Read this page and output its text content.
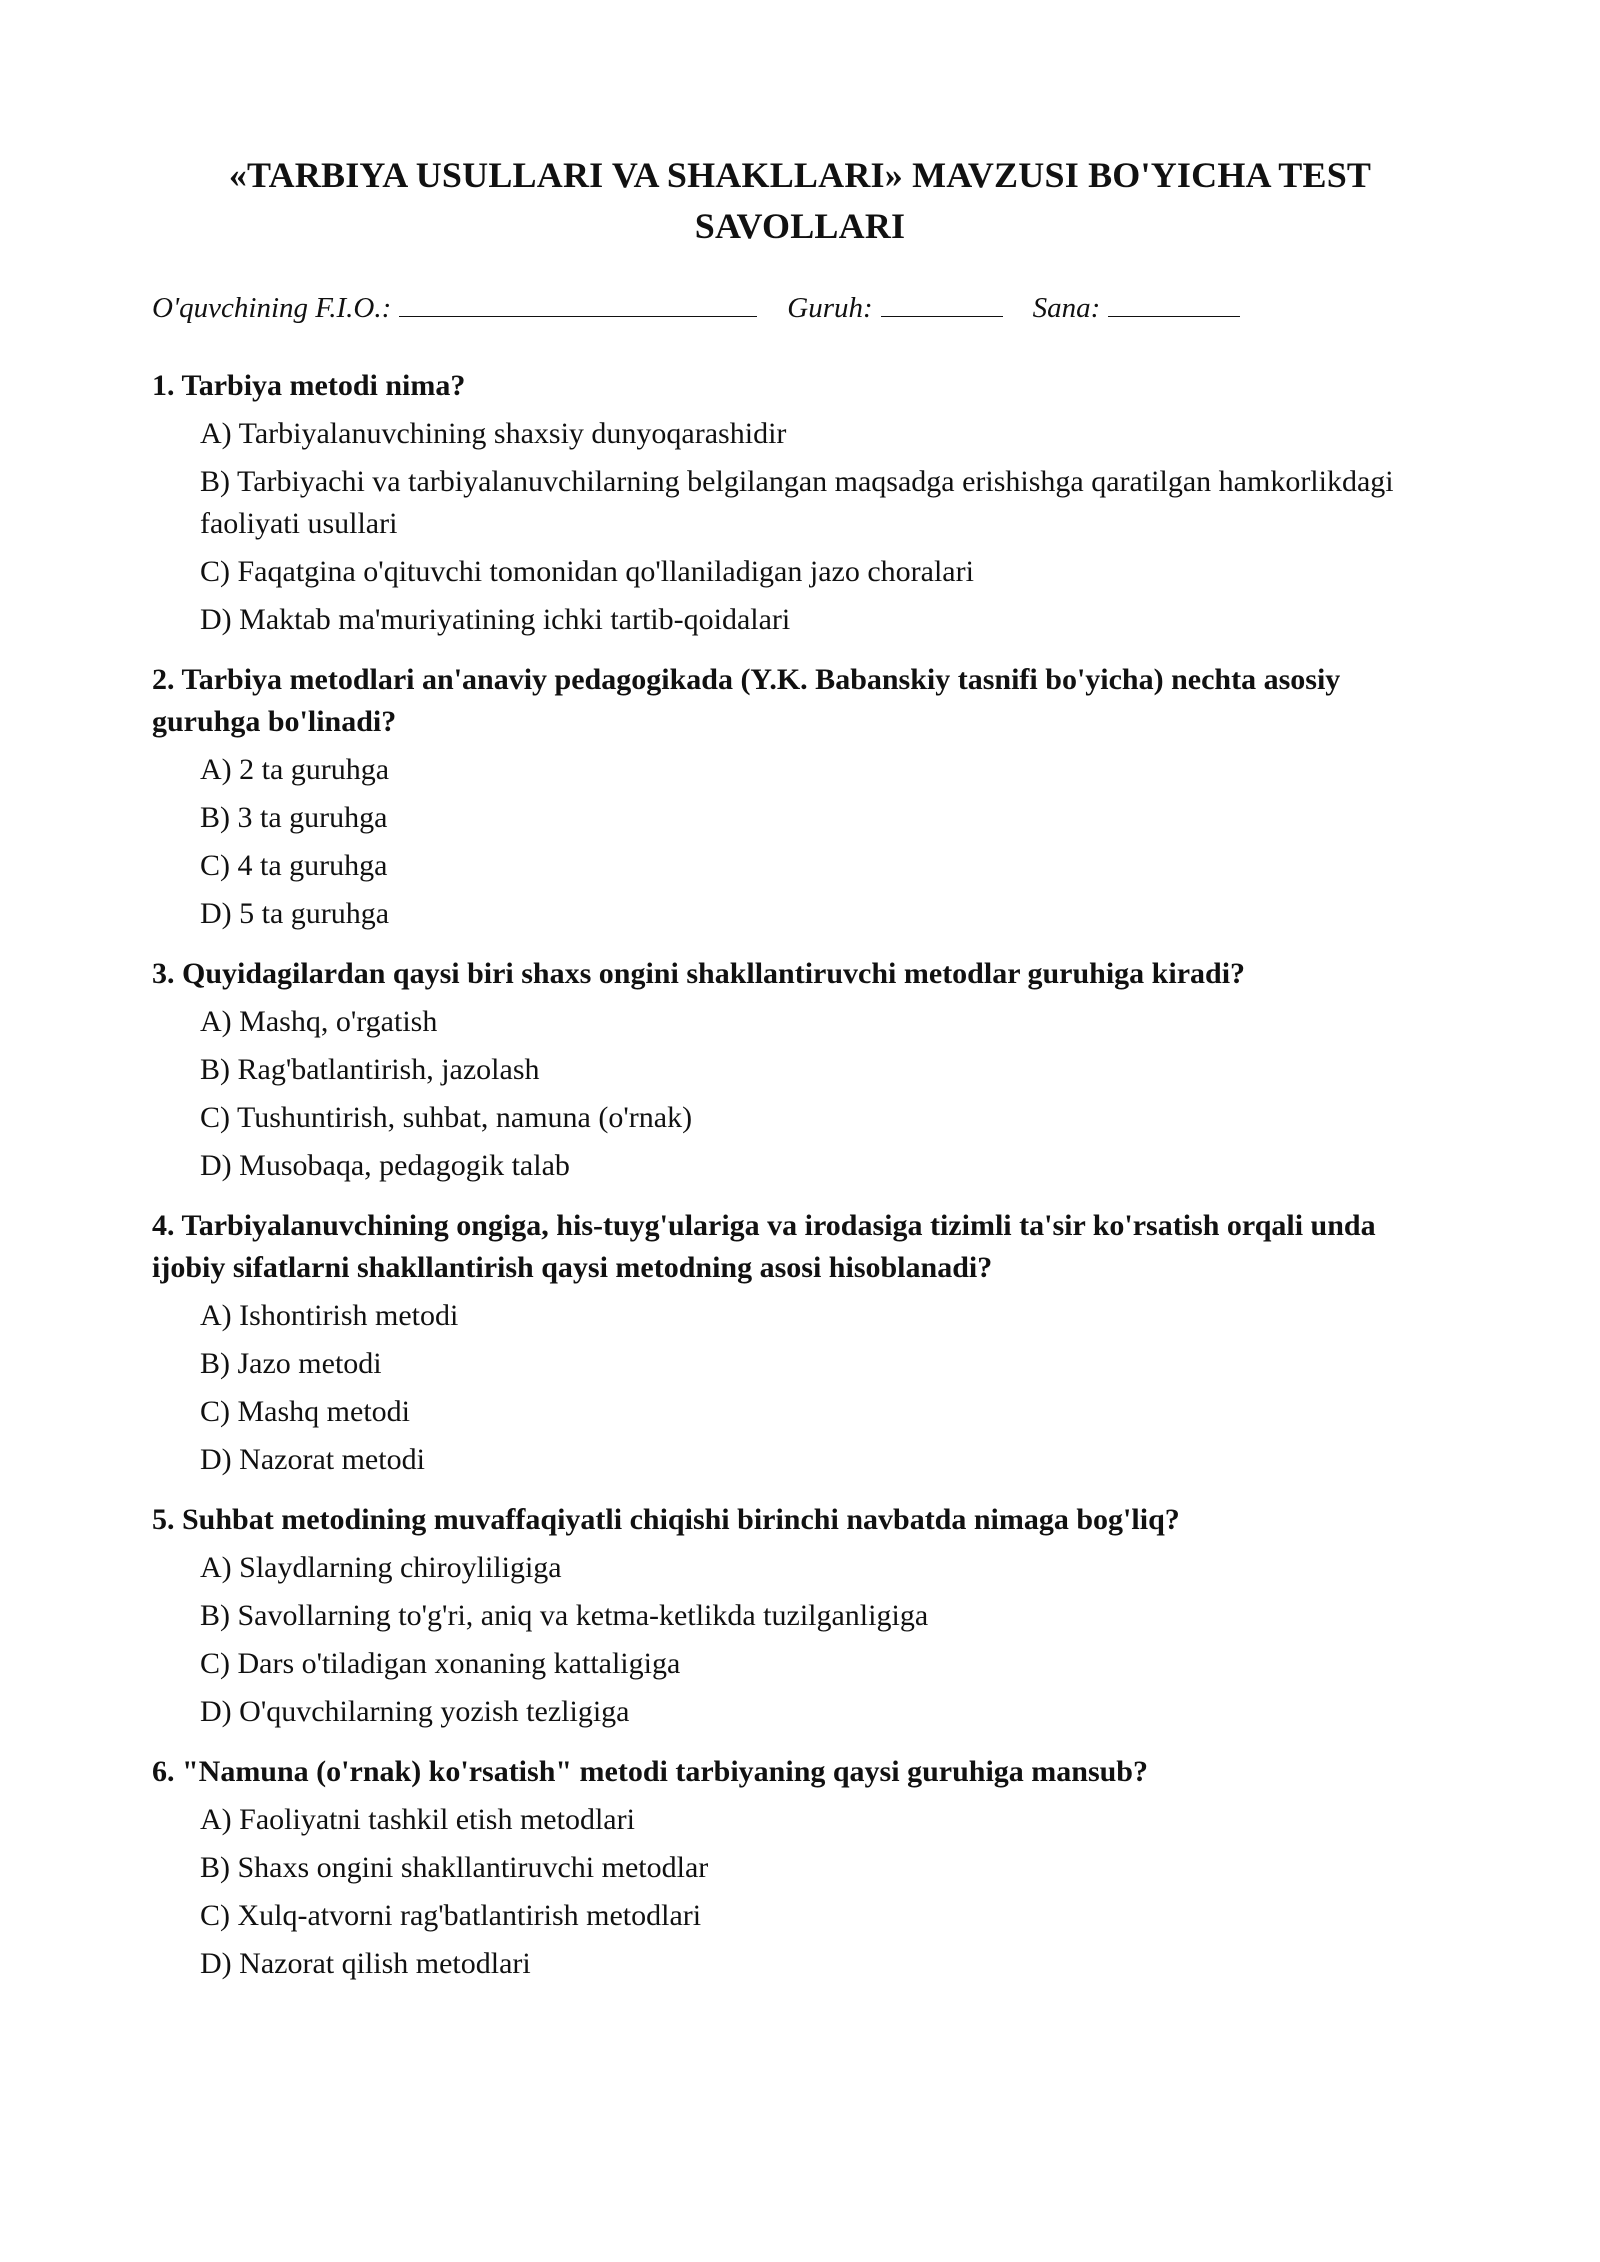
«TARBIYA USULLARI VA SHAKLLARI» MAVZUSI BO'YICHA TEST SAVOLLARI
O'quvchining F.I.O.:	Guruh:	Sana:

1. Tarbiya metodi nima?

A) Tarbiyalanuvchining shaxsiy dunyoqarashidir
B) Tarbiyachi va tarbiyalanuvchilarning belgilangan maqsadga erishishga qaratilgan hamkorlikdagi faoliyati usullari
C) Faqatgina o'qituvchi tomonidan qo'llaniladigan jazo choralari
D) Maktab ma'muriyatining ichki tartib-qoidalari

2. Tarbiya metodlari an'anaviy pedagogikada (Y.K. Babanskiy tasnifi bo'yicha) nechta asosiy guruhga bo'linadi?

A) 2 ta guruhga
B) 3 ta guruhga
C) 4 ta guruhga
D) 5 ta guruhga

3. Quyidagilardan qaysi biri shaxs ongini shakllantiruvchi metodlar guruhiga kiradi?

A) Mashq, o'rgatish
B) Rag'batlantirish, jazolash
C) Tushuntirish, suhbat, namuna (o'rnak)
D) Musobaqa, pedagogik talab

4. Tarbiyalanuvchining ongiga, his-tuyg'ulariga va irodasiga tizimli ta'sir ko'rsatish orqali unda ijobiy sifatlarni shakllantirish qaysi metodning asosi hisoblanadi?

A) Ishontirish metodi
B) Jazo metodi
C) Mashq metodi
D) Nazorat metodi

5. Suhbat metodining muvaffaqiyatli chiqishi birinchi navbatda nimaga bog'liq?

A) Slaydlarning chiroyliligiga
B) Savollarning to'g'ri, aniq va ketma-ketlikda tuzilganligiga
C) Dars o'tiladigan xonaning kattaligiga
D) O'quvchilarning yozish tezligiga

6. "Namuna (o'rnak) ko'rsatish" metodi tarbiyaning qaysi guruhiga mansub?

A) Faoliyatni tashkil etish metodlari
B) Shaxs ongini shakllantiruvchi metodlar
C) Xulq-atvorni rag'batlantirish metodlari
D) Nazorat qilish metodlari
